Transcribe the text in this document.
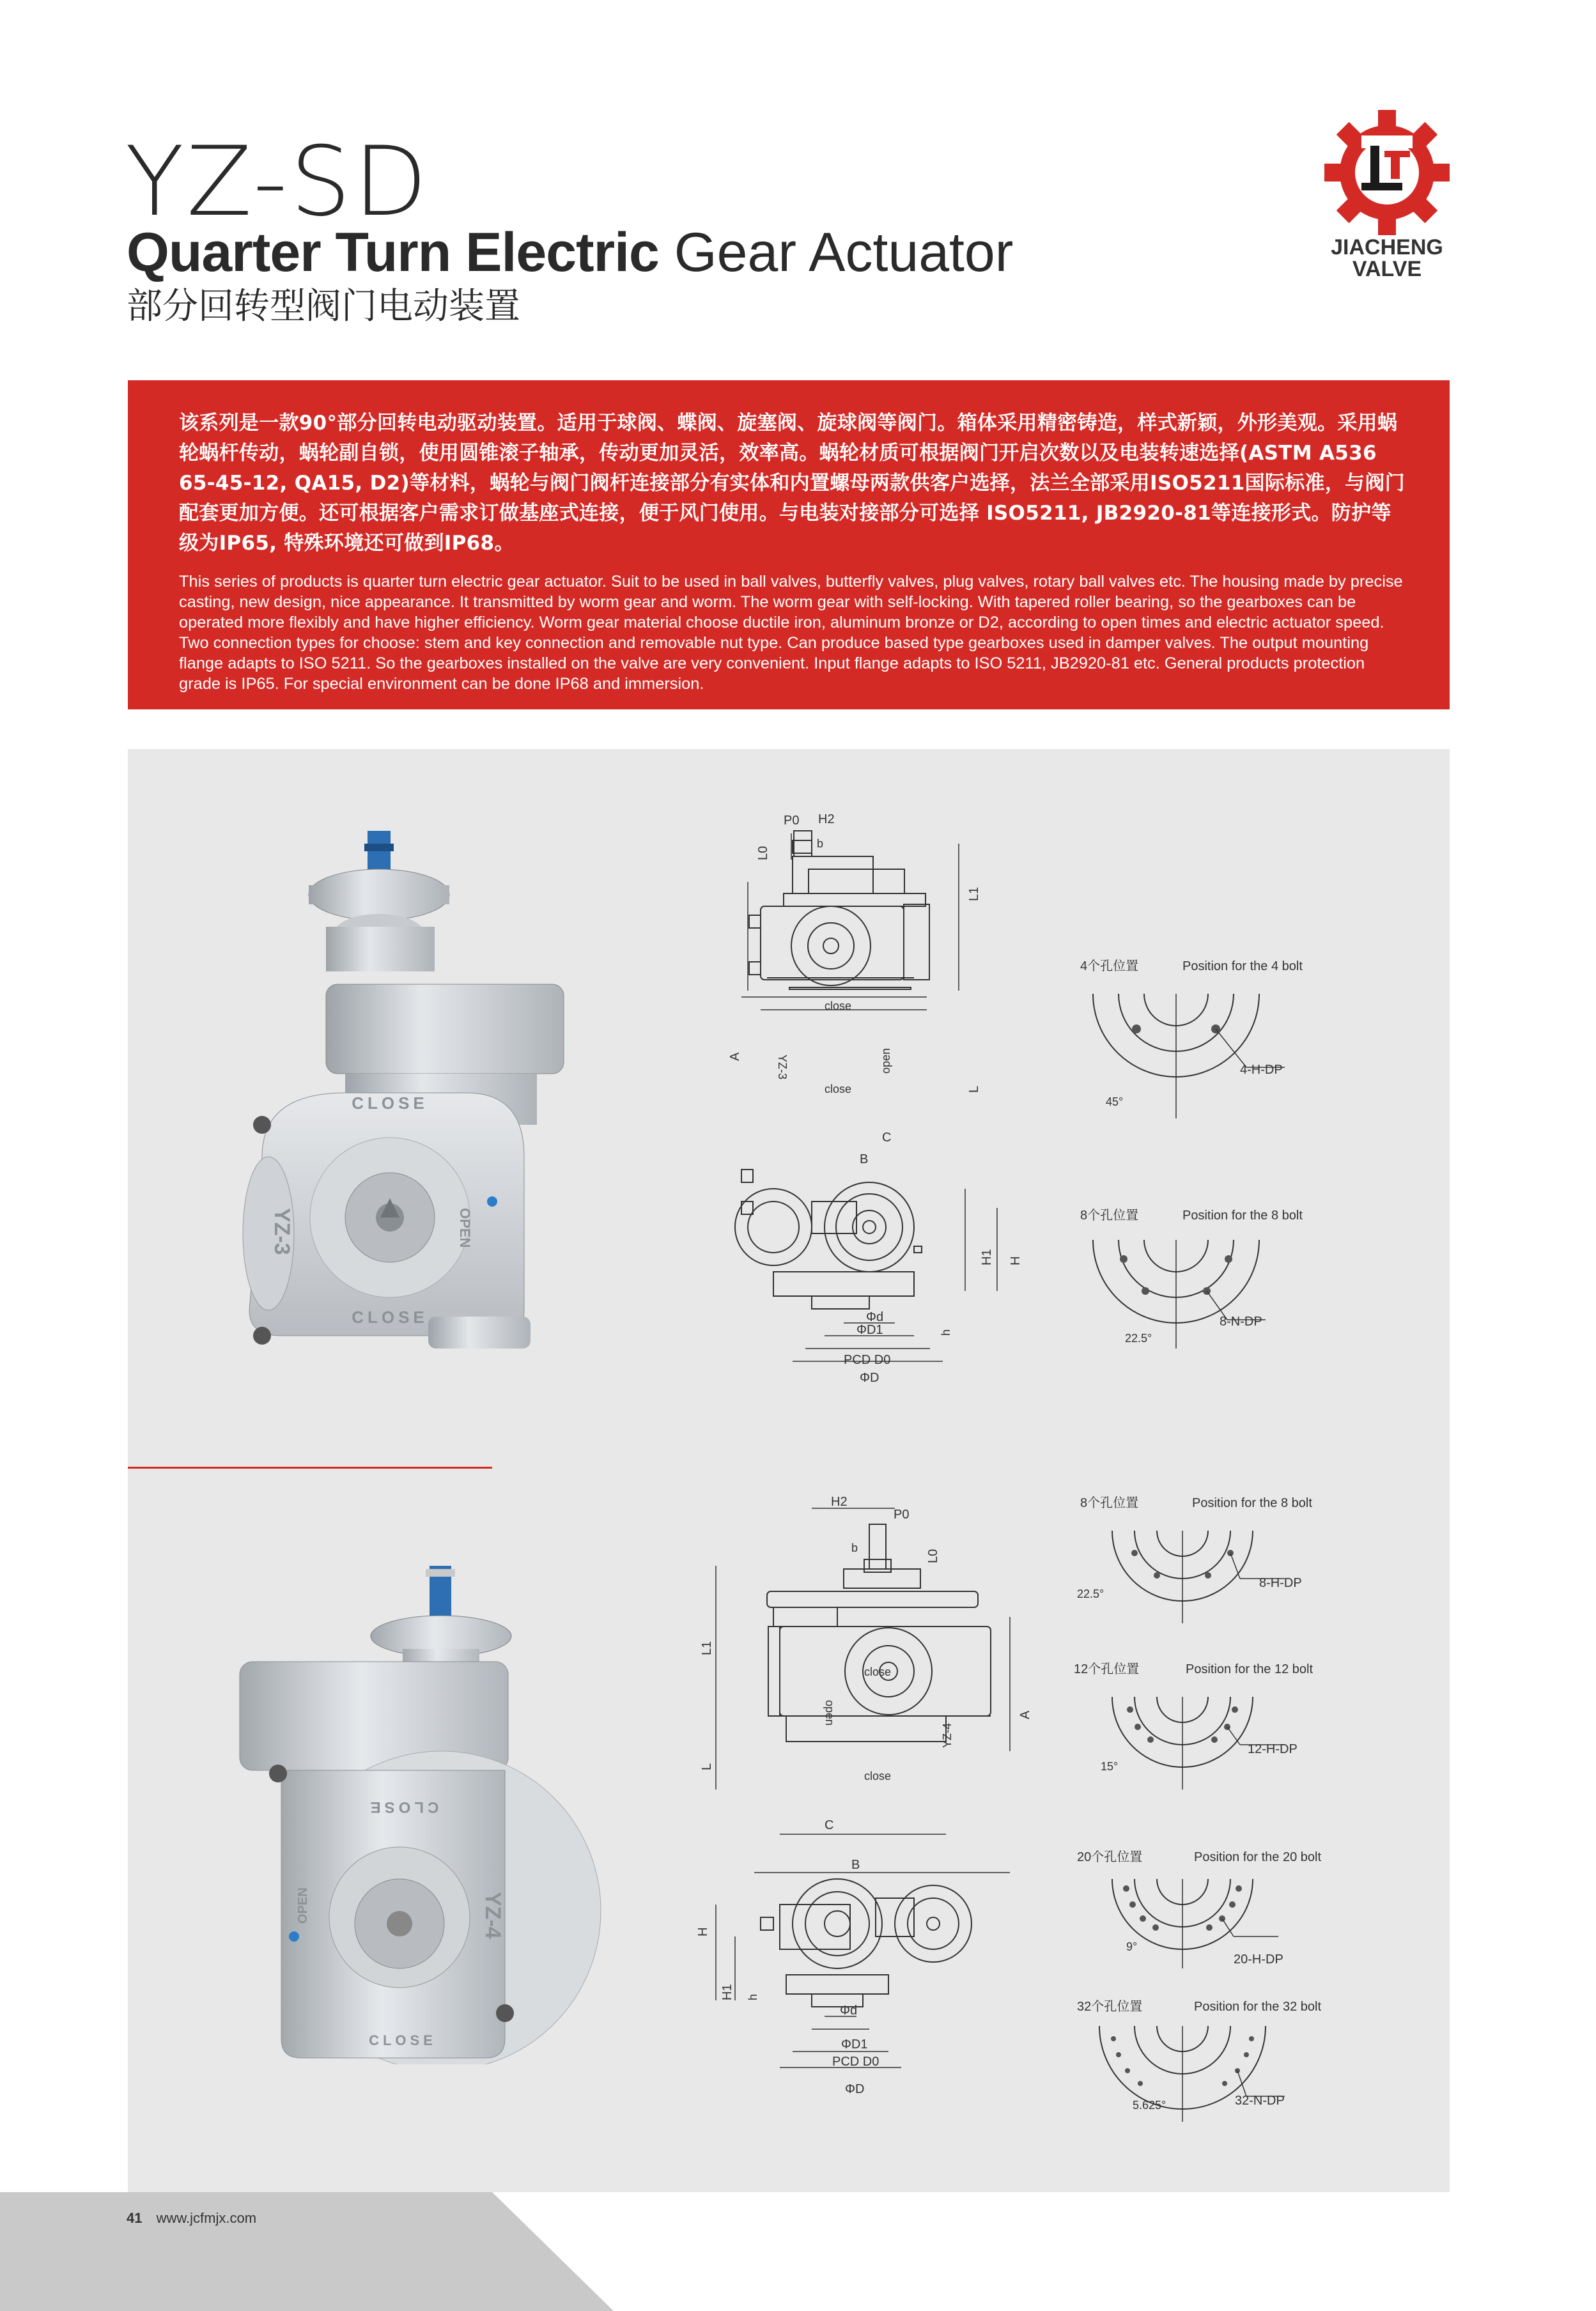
YZ-SD
Quarter Turn Electric Gear Actuator
部分回转型阀门电动装置
JIACHENG
VALVE
该系列是一款90°部分回转电动驱动装置。适用于球阀、蝶阀、旋塞阀、旋球阀等阀门。箱体采用精密铸造，样式新颖，外形美观。采用蜗轮蜗杆传动，蜗轮副自锁，使用圆锥滚子轴承，传动更加灵活，效率高。蜗轮材质可根据阀门开启次数以及电装转速选择(ASTM A536 65-45-12, QA15, D2)等材料，蜗轮与阀门阀杆连接部分有实体和内置螺母两款供客户选择，法兰全部采用ISO5211国际标准，与阀门配套更加方便。还可根据客户需求订做基座式连接，便于风门使用。与电装对接部分可选择 ISO5211, JB2920-81等连接形式。防护等级为IP65, 特殊环境还可做到IP68。
This series of products is quarter turn electric gear actuator. Suit to be used in ball valves, butterfly valves, plug valves, rotary ball valves etc. The housing made by precise casting, new design, nice appearance. It transmitted by worm gear and worm. The worm gear with self-locking. With tapered roller bearing, so the gearboxes can be operated more flexibly and have higher efficiency. Worm gear material choose ductile iron, aluminum bronze or D2, according to open times and electric actuator speed. Two connection types for choose: stem and key connection and removable nut type. Can produce based type gearboxes used in damper valves. The output mounting flange adapts to ISO 5211. So the gearboxes installed on the valve are very convenient. Input flange adapts to ISO 5211, JB2920-81 etc. General products protection grade is IP65. For special environment can be done IP68 and immersion.
CLOSE
CLOSE
OPEN
YZ-3
P0 H2
b
L0
L1
L
A
C
B
close
close
open
YZ-3
H1 H
h
Φd
ΦD1
PCD D0
ΦD
4个孔位置	Position for the 4 bolt
4-H-DP
45°
8个孔位置	Position for the 8 bolt
8-N-DP
22.5°
CLOSE
OPEN	YZ-4
CLOSE
H2
P0
b
L0
L1
L
A
C
B
close
close
open
YZ-4
H
H1 h
Φd
ΦD1
PCD D0
ΦD
8个孔位置	Position for the 8 bolt
8-H-DP
22.5°
12个孔位置	Position for the 12 bolt
12-H-DP
15°
20个孔位置	Position for the 20 bolt
20-H-DP
9°
32个孔位置	Position for the 32 bolt
32-N-DP
5.625°
41 www.jcfmjx.com
